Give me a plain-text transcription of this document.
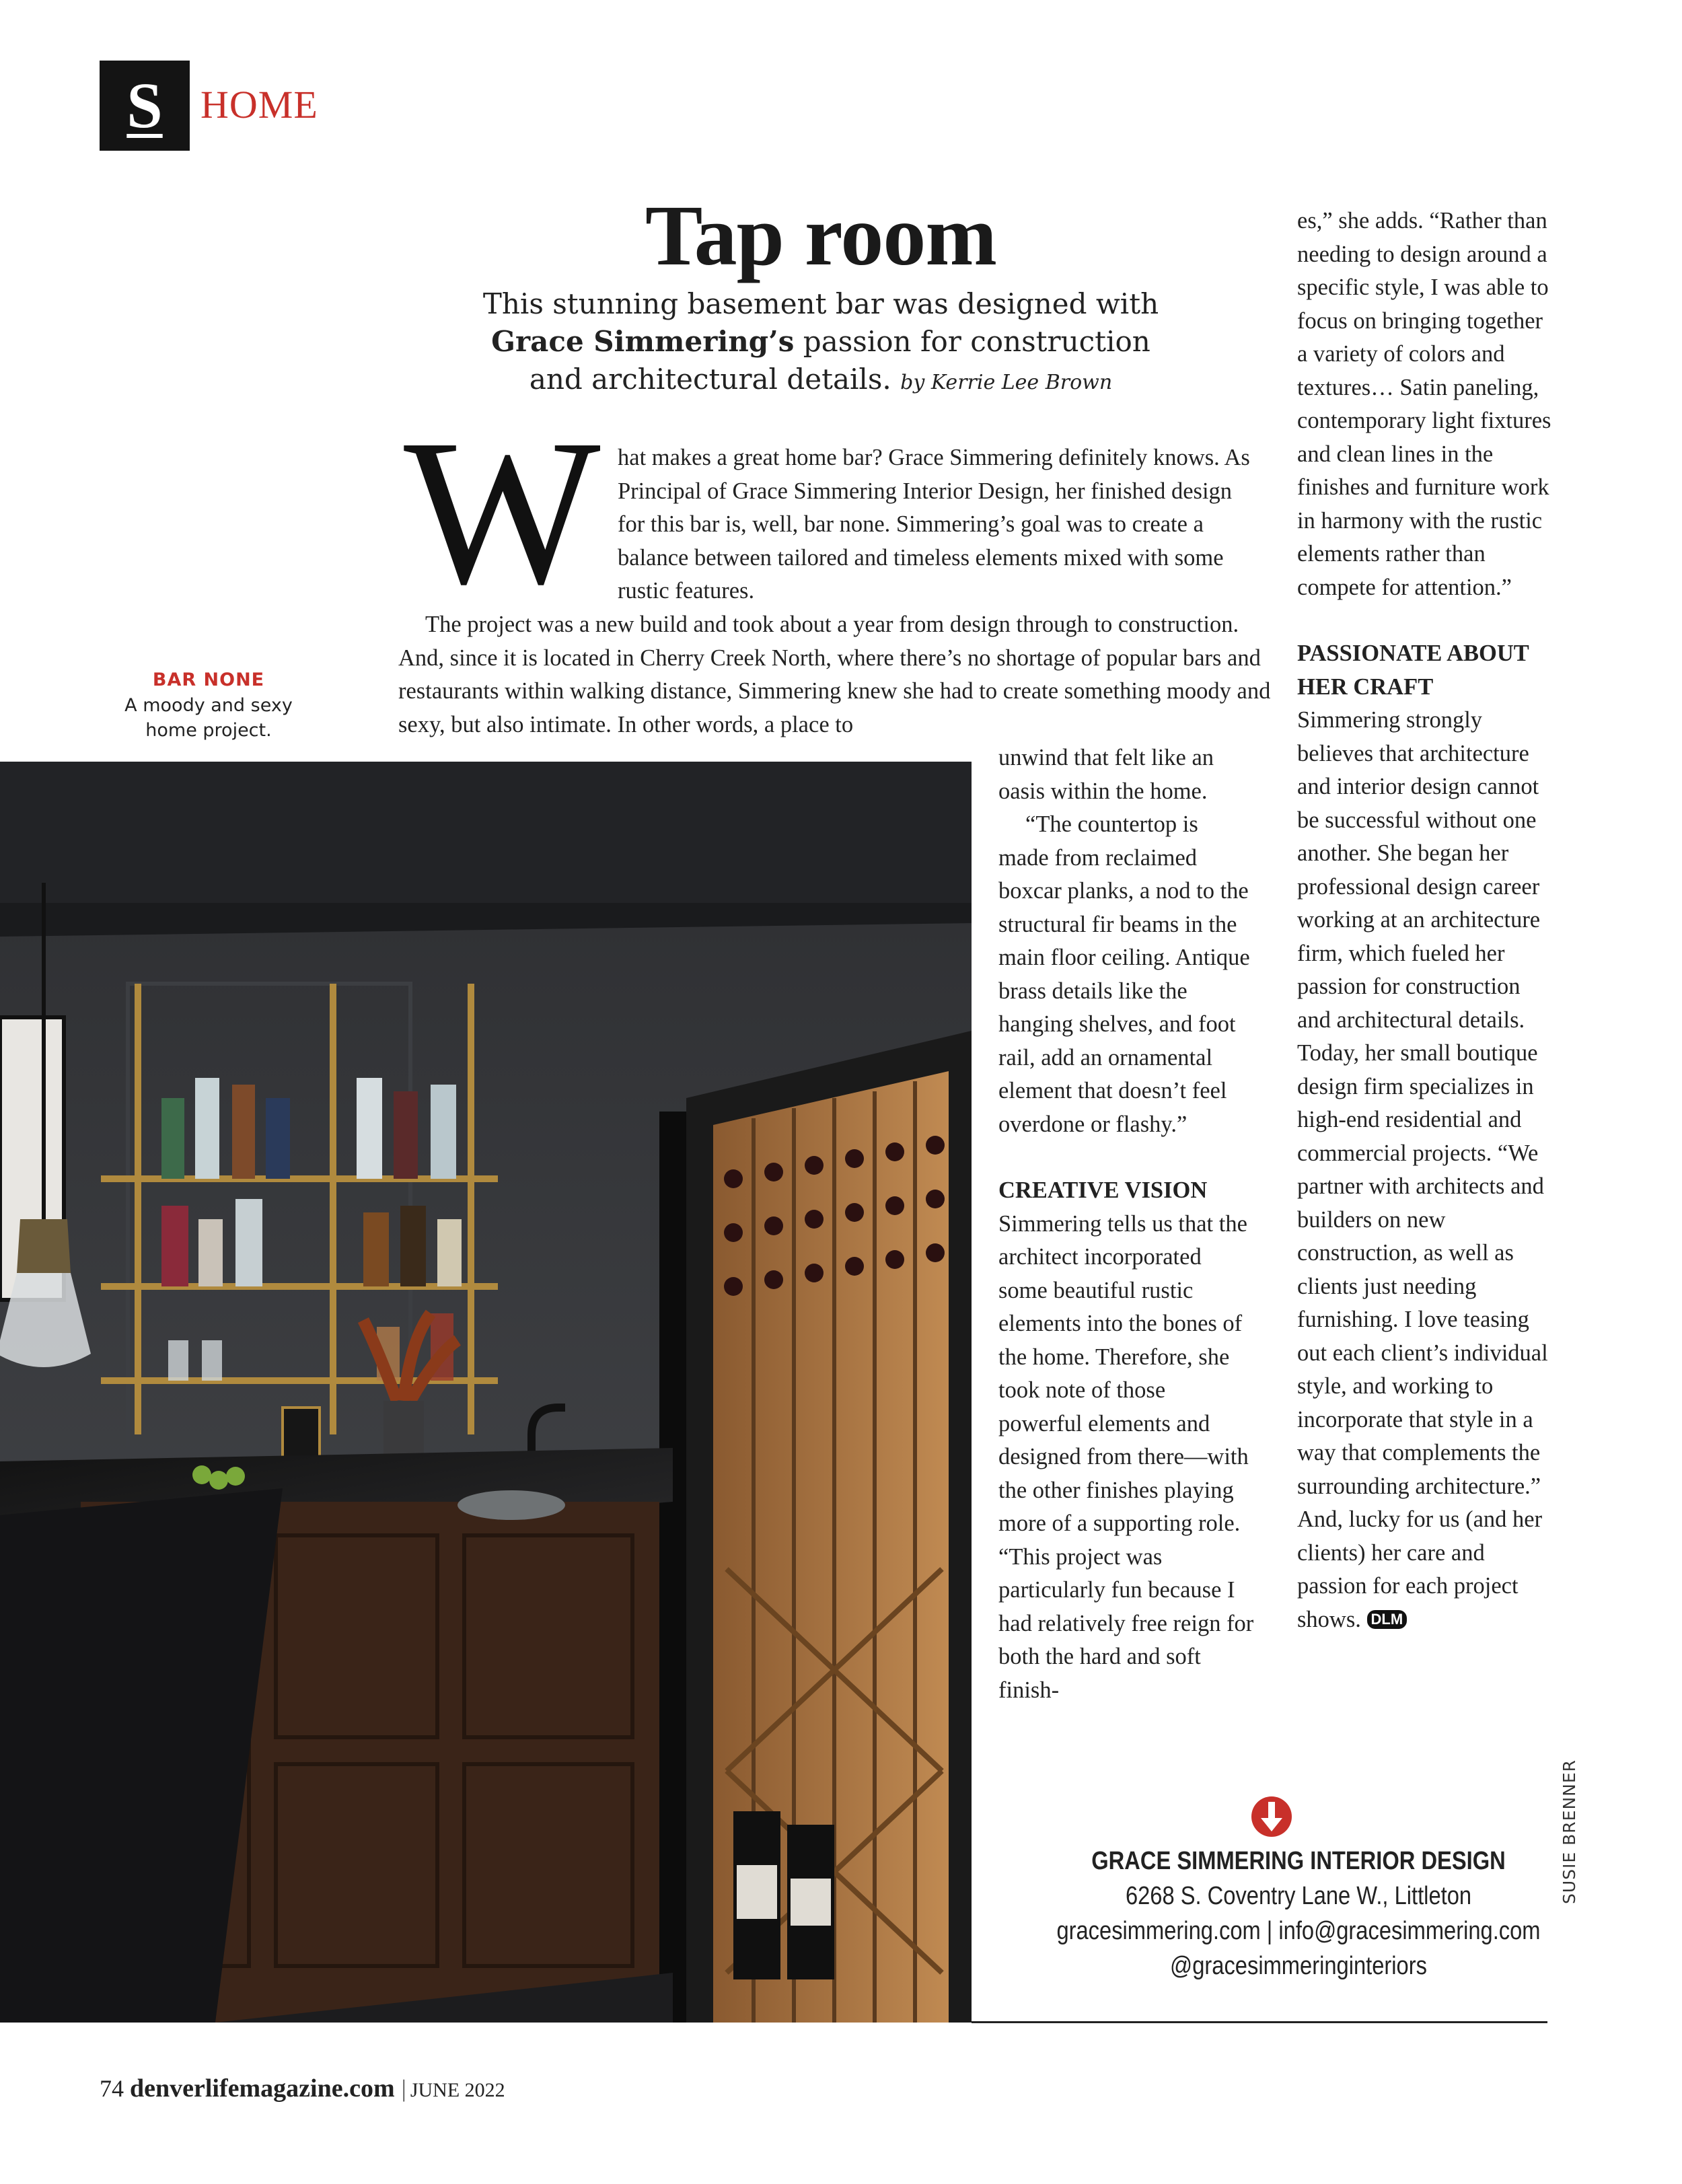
S HOME
Tap room
This stunning basement bar was designed with
Grace Simmering’s passion for construction and architectural details. by Kerrie Lee Brown
BAR NONE
A moody and sexy home project.
W hat makes a great home bar? Grace Simmering definitely knows. As Principal of Grace Simmering Interior Design, her finished design for this bar is, well, bar none. Simmering’s goal was to create a balance between tailored and timeless elements mixed with some rustic features.

The project was a new build and took about a year from design through to construction. And, since it is located in Cherry Creek North, where there’s no shortage of popular bars and restaurants within walking distance, Simmering knew she had to create something moody and sexy, but also intimate. In other words, a place to

unwind that felt like an oasis within the home.

“The countertop is made from reclaimed boxcar planks, a nod to the structural fir beams in the main floor ceiling. Antique brass details like the hanging shelves, and foot rail, add an ornamental element that doesn’t feel overdone or flashy.”

CREATIVE VISION

Simmering tells us that the architect incorporated some beautiful rustic elements into the bones of the home. Therefore, she took note of those powerful elements and designed from there—with the other finishes playing more of a supporting role. “This project was particularly fun because I had relatively free reign for both the hard and soft finish-

es,” she adds. “Rather than needing to design around a specific style, I was able to focus on bringing together a variety of colors and textures… Satin paneling, contemporary light fixtures and clean lines in the finishes and furniture work in harmony with the rustic elements rather than compete for attention.”

PASSIONATE ABOUT HER CRAFT

Simmering strongly believes that architecture and interior design cannot be successful without one another. She began her professional design career working at an architecture firm, which fueled her passion for construction and architectural details. Today, her small boutique design firm specializes in high-end residential and commercial projects. “We partner with architects and builders on new construction, as well as clients just needing furnishing. I love teasing out each client’s individual style, and working to incorporate that style in a way that complements the surrounding architecture.” And, lucky for us (and her clients) her care and passion for each project shows. DLM

GRACE SIMMERING INTERIOR DESIGN
6268 S. Coventry Lane W., Littleton
gracesimmering.com | info@gracesimmering.com
@gracesimmeringinteriors
SUSIE BRENNER
74 denverlifemagazine.com | JUNE 2022
